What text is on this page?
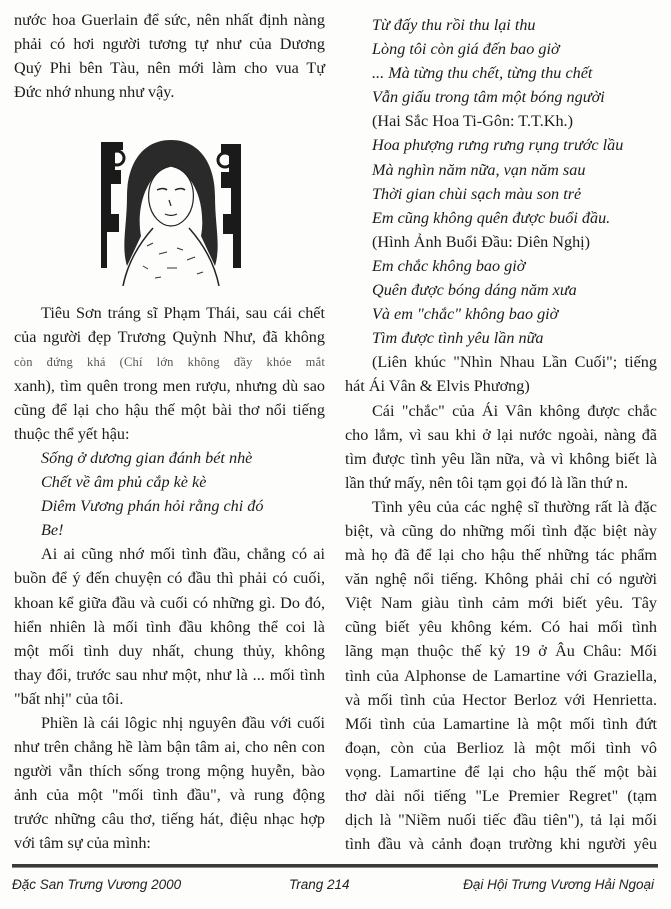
nước hoa Guerlain để sức, nên nhất định nàng
phải có hơi người tương tự như của Dương
Quý Phi bên Tàu, nên mới làm cho vua Tự
Đức nhớ nhung như vậy.
Tiêu Sơn tráng sĩ Phạm Thái, sau cái chết
của người đẹp Trương Quỳnh Như, đã không
còn đứng khá (Chí lớn không đầy khóe mắt
xanh), tìm quên trong men rượu, nhưng dù sao
cũng để lại cho hậu thế một bài thơ nổi tiếng
thuộc thể yết hậu:
Sống ở dương gian đánh bét nhè
Chết về âm phủ cắp kè kè
Diêm Vương phán hỏi rằng chi đó
Be!
Ai ai cũng nhớ mối tình đầu, chẳng có ai
buồn để ý đến chuyện có đầu thì phải có cuối,
khoan kể giữa đầu và cuối có những gì. Do đó,
hiển nhiên là mối tình đầu không thể coi là
một mối tình duy nhất, chung thủy, không
thay đổi, trước sau như một, như là ... mối tình
"bất nhị" của tôi.
Phiền là cái lôgic nhị nguyên đầu với cuối
như trên chẳng hề làm bận tâm ai, cho nên con
người vẫn thích sống trong mộng huyễn, bào
ảnh của một "mối tình đầu", và rung động
trước những câu thơ, tiếng hát, điệu nhạc hợp
với tâm sự của mình:
Từ đấy thu rồi thu lại thu
Lòng tôi còn giá đến bao giờ
... Mà từng thu chết, từng thu chết
Vẫn giấu trong tâm một bóng người
(Hai Sắc Hoa Ti-Gôn: T.T.Kh.)
Hoa phượng rưng rưng rụng trước lầu
Mà nghìn năm nữa, vạn năm sau
Thời gian chùi sạch màu son trẻ
Em cũng không quên được buổi đầu.
(Hình Ảnh Buổi Đầu: Diên Nghị)
Em chắc không bao giờ
Quên được bóng dáng năm xưa
Và em "chắc" không bao giờ
Tìm được tình yêu lần nữa
(Liên khúc "Nhìn Nhau Lần Cuối"; tiếng
hát Ái Vân & Elvis Phương)
Cái "chắc" của Ái Vân không được chắc
cho lắm, vì sau khi ở lại nước ngoài, nàng đã
tìm được tình yêu lần nữa, và vì không biết là
lần thứ mấy, nên tôi tạm gọi đó là lần thứ n.
Tình yêu của các nghệ sĩ thường rất là đặc
biệt, và cũng do những mối tình đặc biệt này
mà họ đã để lại cho hậu thế những tác phẩm
văn nghệ nổi tiếng. Không phải chỉ có người
Việt Nam giàu tình cảm mới biết yêu. Tây
cũng biết yêu không kém. Có hai mối tình
lãng mạn thuộc thế kỷ 19 ở Âu Châu: Mối
tình của Alphonse de Lamartine với Graziella,
và mối tình của Hector Berloz với Henrietta.
Mối tình của Lamartine là một mối tình đứt
đoạn, còn của Berlioz là một mối tình vô
vọng. Lamartine để lại cho hậu thế một bài
thơ dài nổi tiếng "Le Premier Regret" (tạm
dịch là "Niềm nuối tiếc đầu tiên"), tả lại mối
tình đầu và cảnh đoạn trường khi người yêu
Đặc San Trưng Vương 2000	Trang 214	Đại Hội Trưng Vương Hải Ngoại
